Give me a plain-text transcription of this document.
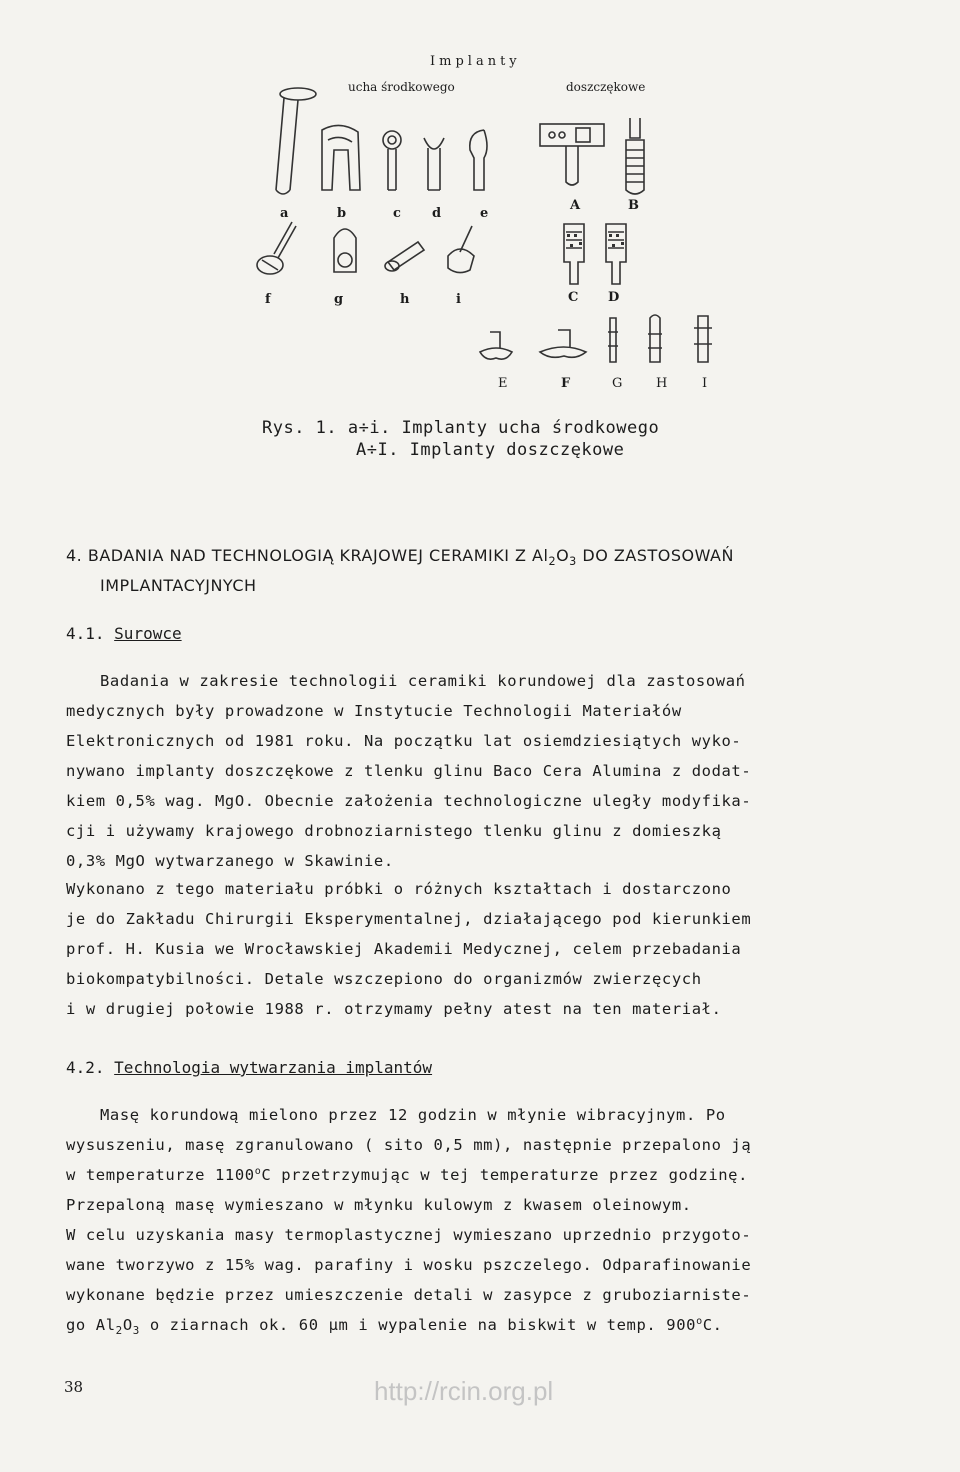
Implanty
ucha środkowego	doszczękowe
a	b	c d	e
A	B
f	g	h	i	C D
E	F	G	H	I
Rys. 1. a÷i. Implanty ucha środkowego
A÷I. Implanty doszczękowe
4. BADANIA NAD TECHNOLOGIĄ KRAJOWEJ CERAMIKI Z $Al_2O_3$ DO ZASTOSOWAŃ
IMPLANTACYJNYCH
4.1. Surowce
Badania w zakresie technologii ceramiki korundowej dla zastosowań
medycznych były prowadzone w Instytucie Technologii Materiałów
Elektronicznych od 1981 roku. Na początku lat osiemdziesiątych wyko-
nywano implanty doszczękowe z tlenku glinu Baco Cera Alumina z dodat-
kiem 0,5% wag. MgO. Obecnie założenia technologiczne uległy modyfika-
cji i używamy krajowego drobnoziarnistego tlenku glinu z domieszką
0,3% MgO wytwarzanego w Skawinie.
Wykonano z tego materiału próbki o różnych kształtach i dostarczono
je do Zakładu Chirurgii Eksperymentalnej, działającego pod kierunkiem
prof. H. Kusia we Wrocławskiej Akademii Medycznej, celem przebadania
biokompatybilności. Detale wszczepiono do organizmów zwierzęcych
i w drugiej połowie 1988 r. otrzymamy pełny atest na ten materiał.
4.2. Technologia wytwarzania implantów
Masę korundową mielono przez 12 godzin w młynie wibracyjnym. Po
wysuszeniu, masę zgranulowano ( sito 0,5 mm), następnie przepalono ją
w temperaturze 1100$^o$C przetrzymując w tej temperaturze przez godzinę.
Przepaloną masę wymieszano w młynku kulowym z kwasem oleinowym.
W celu uzyskania masy termoplastycznej wymieszano uprzednio przygoto-
wane tworzywo z 15% wag. parafiny i wosku pszczelego. Odparafinowanie
wykonane będzie przez umieszczenie detali w zasypce z gruboziarniste-
go $Al_2O_3$ o ziarnach ok. 60 µm i wypalenie na biskwit w temp. 900$^o$C.
38	http://rcin.org.pl
